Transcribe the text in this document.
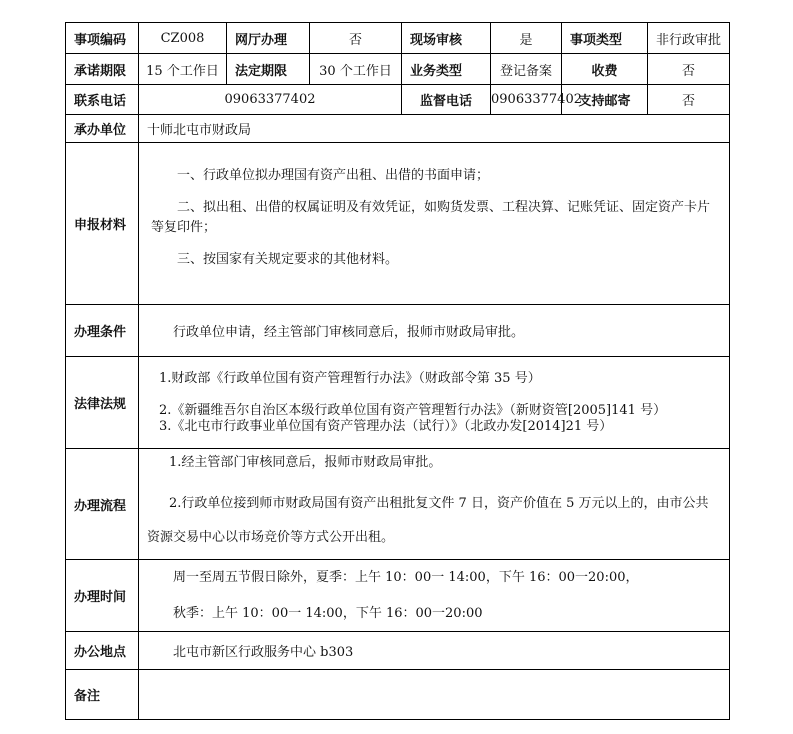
事项编码	CZ008	网厅办理	否	现场审核	是	事项类型	非行政审批
承诺期限	15 个工作日	法定期限	30 个工作日	业务类型	登记备案	收费	否
联系电话	09063377402			监督电话	09063377402	支持邮寄	否
承办单位	十师北屯市财政局						
申报材料	一、行政单位拟办理国有资产出租、出借的书面申请；

二、拟出租、出借的权属证明及有效凭证，如购货发票、工程决算、记账凭证、固定资产卡片等复印件；

三、按国家有关规定要求的其他材料。						

办理条件	行政单位申请，经主管部门审核同意后，报师市财政局审批。						
法律法规	1.财政部《行政单位国有资产管理暂行办法》（财政部令第 35 号）

2.《新疆维吾尔自治区本级行政单位国有资产管理暂行办法》（新财资管[2005]141 号）

3.《北屯市行政事业单位国有资产管理办法（试行）》（北政办发[2014]21 号）						

办理流程	1.经主管部门审核同意后，报师市财政局审批。

2.行政单位接到师市财政局国有资产出租批复文件 7 日，资产价值在 5 万元以上的，由市公共资源交易中心以市场竞价等方式公开出租。						

办理时间	周一至周五节假日除外，夏季：上午 10：00一 14:00，下午 16：00一20:00，

秋季：上午 10：00一 14:00，下午 16：00一20:00						

办公地点	北屯市新区行政服务中心 b303						
备注							
